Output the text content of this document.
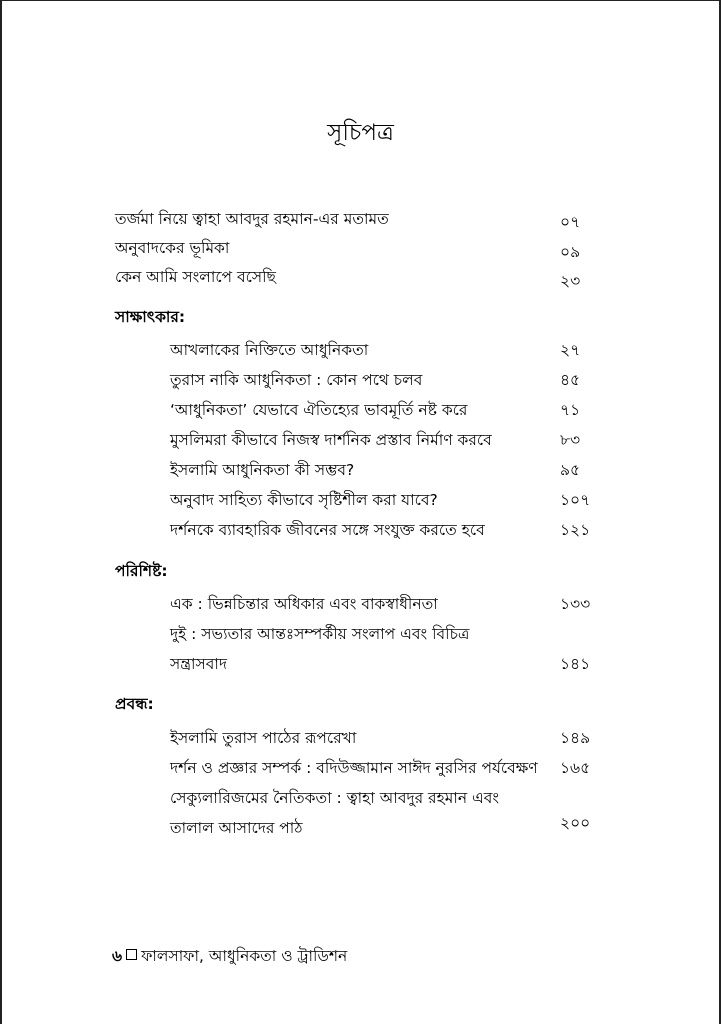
সূচিপত্র
তর্জমা নিয়ে ত্বাহা আবদুর রহমান-এর মতামত	০৭
অনুবাদকের ভূমিকা	০৯
কেন আমি সংলাপে বসেছি	২৩
সাক্ষাৎকার:
আখলাকের নিক্তিতে আধুনিকতা	২৭
তুরাস নাকি আধুনিকতা : কোন পথে চলব	৪৫
‘আধুনিকতা’ যেভাবে ঐতিহ্যের ভাবমূর্তি নষ্ট করে	৭১
মুসলিমরা কীভাবে নিজস্ব দার্শনিক প্রস্তাব নির্মাণ করবে	৮৩
ইসলামি আধুনিকতা কী সম্ভব?	৯৫
অনুবাদ সাহিত্য কীভাবে সৃষ্টিশীল করা যাবে?	১০৭
দর্শনকে ব্যাবহারিক জীবনের সঙ্গে সংযুক্ত করতে হবে	১২১
পরিশিষ্ট:
এক : ভিন্নচিন্তার অধিকার এবং বাকস্বাধীনতা	১৩৩
দুই : সভ্যতার আন্তঃসম্পর্কীয় সংলাপ এবং বিচিত্র
সন্ত্রাসবাদ	১৪১
প্রবন্ধ:
ইসলামি তুরাস পাঠের রূপরেখা	১৪৯
দর্শন ও প্রজ্ঞার সম্পর্ক : বদিউজ্জামান সাঈদ নুরসির পর্যবেক্ষণ ১৬৫
সেক্যুলারিজমের নৈতিকতা : ত্বাহা আবদুর রহমান এবং
তালাল আসাদের পাঠ	২০০
৬ ফালসাফা, আধুনিকতা ও ট্রাডিশন
